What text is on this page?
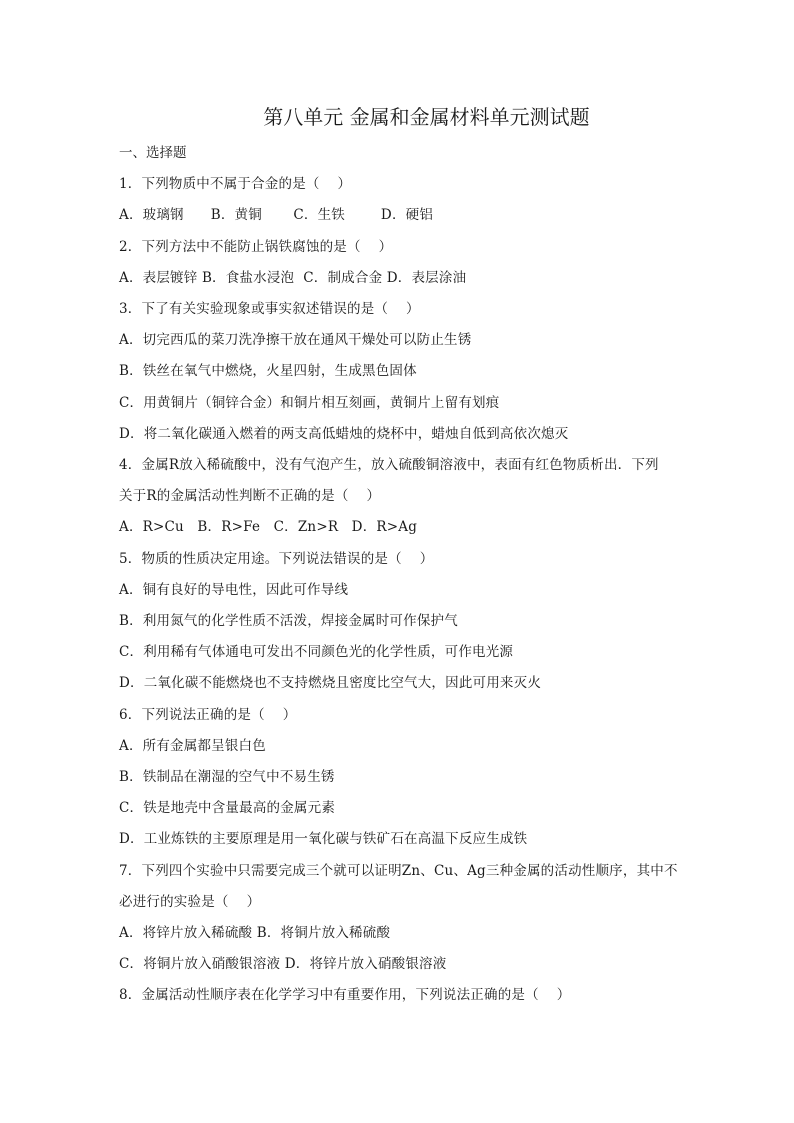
第八单元 金属和金属材料单元测试题

一、选择题

1．下列物质中不属于合金的是（    ）

A．玻璃钢      B．黄铜       C．生铁        D．硬铝

2．下列方法中不能防止锅铁腐蚀的是（    ）

A．表层镀锌 B．食盐水浸泡  C．制成合金 D．表层涂油

3．下了有关实验现象或事实叙述错误的是（    ）

A．切完西瓜的菜刀洗净擦干放在通风干燥处可以防止生锈

B．铁丝在氧气中燃烧，火星四射，生成黑色固体

C．用黄铜片（铜锌合金）和铜片相互刻画，黄铜片上留有划痕

D．将二氧化碳通入燃着的两支高低蜡烛的烧杯中，蜡烛自低到高依次熄灭

4．金属R放入稀硫酸中，没有气泡产生，放入硫酸铜溶液中，表面有红色物质析出．下列

关于R的金属活动性判断不正确的是（    ）

A．R>Cu   B．R>Fe   C．Zn>R   D．R>Ag

5．物质的性质决定用途。下列说法错误的是（    ）

A．铜有良好的导电性，因此可作导线

B．利用氮气的化学性质不活泼，焊接金属时可作保护气

C．利用稀有气体通电可发出不同颜色光的化学性质，可作电光源

D．二氧化碳不能燃烧也不支持燃烧且密度比空气大，因此可用来灭火

6．下列说法正确的是（    ）

A．所有金属都呈银白色

B．铁制品在潮湿的空气中不易生锈

C．铁是地壳中含量最高的金属元素

D．工业炼铁的主要原理是用一氧化碳与铁矿石在高温下反应生成铁

7．下列四个实验中只需要完成三个就可以证明Zn、Cu、Ag三种金属的活动性顺序，其中不

必进行的实验是（    ）

A．将锌片放入稀硫酸 B．将铜片放入稀硫酸

C．将铜片放入硝酸银溶液 D．将锌片放入硝酸银溶液

8．金属活动性顺序表在化学学习中有重要作用，下列说法正确的是（    ）
